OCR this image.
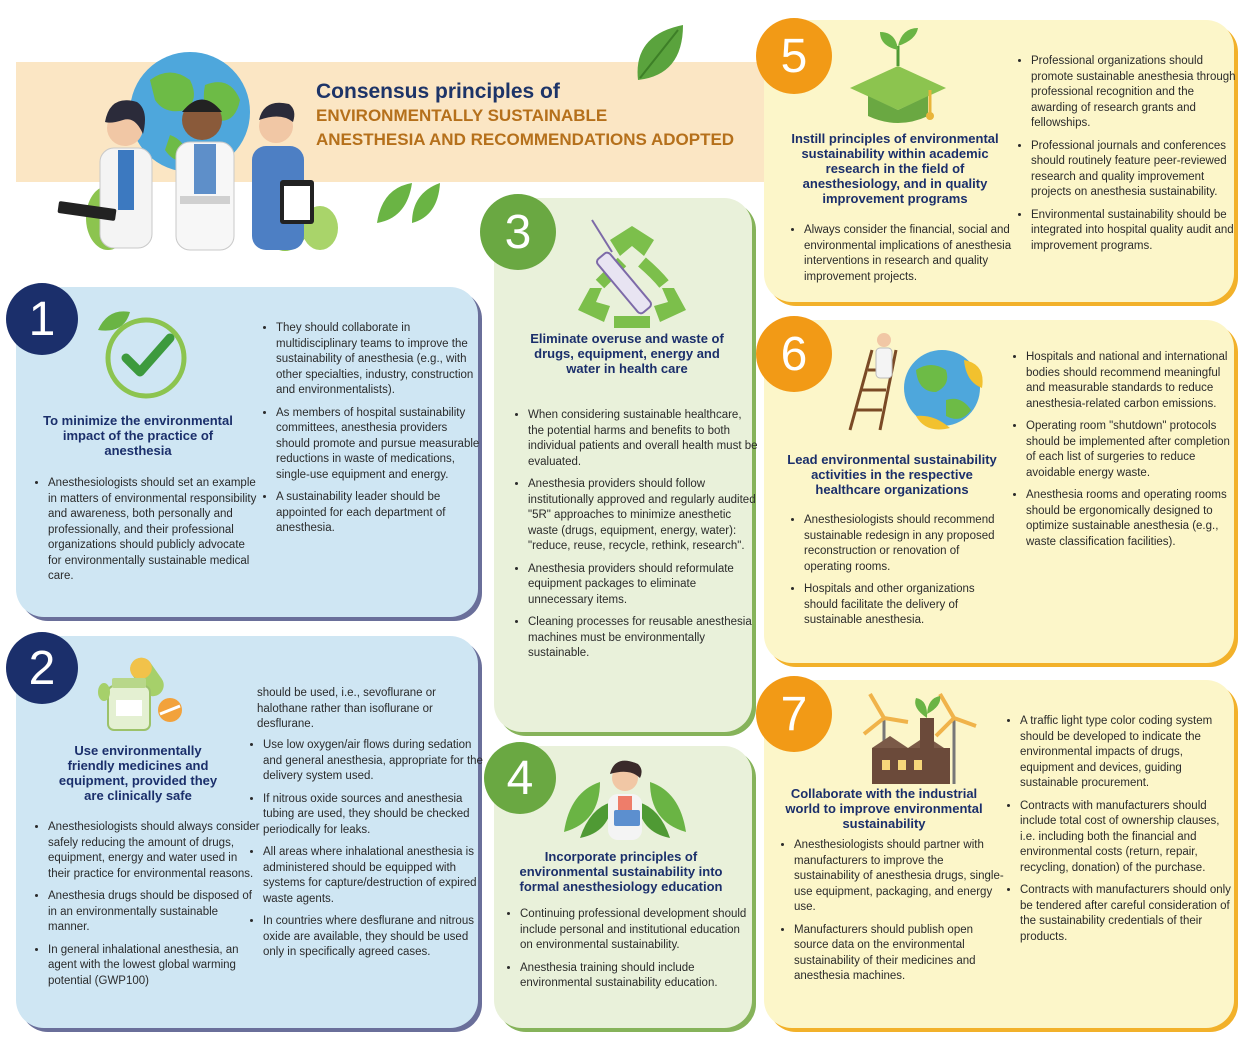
Consensus principles of
ENVIRONMENTALLY SUSTAINABLE
ANESTHESIA AND RECOMMENDATIONS ADOPTED
1
To minimize the environmental impact of the practice of anesthesia
• Anesthesiologists should set an example in matters of environmental responsibility and awareness, both personally and professionally, and their professional organizations should publicly advocate for environmentally sustainable medical care.
• They should collaborate in multidisciplinary teams to improve the sustainability of anesthesia (e.g., with other specialties, industry, construction and environmentalists).
• As members of hospital sustainability committees, anesthesia providers should promote and pursue measurable reductions in waste of medications, single-use equipment and energy.
• A sustainability leader should be appointed for each department of anesthesia.
2
Use environmentally friendly medicines and equipment, provided they are clinically safe
• Anesthesiologists should always consider safely reducing the amount of drugs, equipment, energy and water used in their practice for environmental reasons.
• Anesthesia drugs should be disposed of in an environmentally sustainable manner.
• In general inhalational anesthesia, an agent with the lowest global warming potential (GWP100)
should be used, i.e., sevoflurane or halothane rather than isoflurane or desflurane.
• Use low oxygen/air flows during sedation and general anesthesia, appropriate for the delivery system used.
• If nitrous oxide sources and anesthesia tubing are used, they should be checked periodically for leaks.
• All areas where inhalational anesthesia is administered should be equipped with systems for capture/destruction of expired waste agents.
• In countries where desflurane and nitrous oxide are available, they should be used only in specifically agreed cases.
3
Eliminate overuse and waste of drugs, equipment, energy and water in health care
• When considering sustainable healthcare, the potential harms and benefits to both individual patients and overall health must be evaluated.
• Anesthesia providers should follow institutionally approved and regularly audited "5R" approaches to minimize anesthetic waste (drugs, equipment, energy, water): "reduce, reuse, recycle, rethink, research".
• Anesthesia providers should reformulate equipment packages to eliminate unnecessary items.
• Cleaning processes for reusable anesthesia machines must be environmentally sustainable.
4
Incorporate principles of environmental sustainability into formal anesthesiology education
• Continuing professional development should include personal and institutional education on environmental sustainability.
• Anesthesia training should include environmental sustainability education.
5
Instill principles of environmental sustainability within academic research in the field of anesthesiology, and in quality improvement programs
• Always consider the financial, social and environmental implications of anesthesia interventions in research and quality improvement projects.
• Professional organizations should promote sustainable anesthesia through professional recognition and the awarding of research grants and fellowships.
• Professional journals and conferences should routinely feature peer-reviewed research and quality improvement projects on anesthesia sustainability.
• Environmental sustainability should be integrated into hospital quality audit and improvement programs.
6
Lead environmental sustainability activities in the respective healthcare organizations
• Anesthesiologists should recommend sustainable redesign in any proposed reconstruction or renovation of operating rooms.
• Hospitals and other organizations should facilitate the delivery of sustainable anesthesia.
• Hospitals and national and international bodies should recommend meaningful and measurable standards to reduce anesthesia-related carbon emissions.
• Operating room "shutdown" protocols should be implemented after completion of each list of surgeries to reduce avoidable energy waste.
• Anesthesia rooms and operating rooms should be ergonomically designed to optimize sustainable anesthesia (e.g., waste classification facilities).
7
Collaborate with the industrial world to improve environmental sustainability
• Anesthesiologists should partner with manufacturers to improve the sustainability of anesthesia drugs, single-use equipment, packaging, and energy use.
• Manufacturers should publish open source data on the environmental sustainability of their medicines and anesthesia machines.
• A traffic light type color coding system should be developed to indicate the environmental impacts of drugs, equipment and devices, guiding sustainable procurement.
• Contracts with manufacturers should include total cost of ownership clauses, i.e. including both the financial and environmental costs (return, repair, recycling, donation) of the purchase.
• Contracts with manufacturers should only be tendered after careful consideration of the sustainability credentials of their products.
